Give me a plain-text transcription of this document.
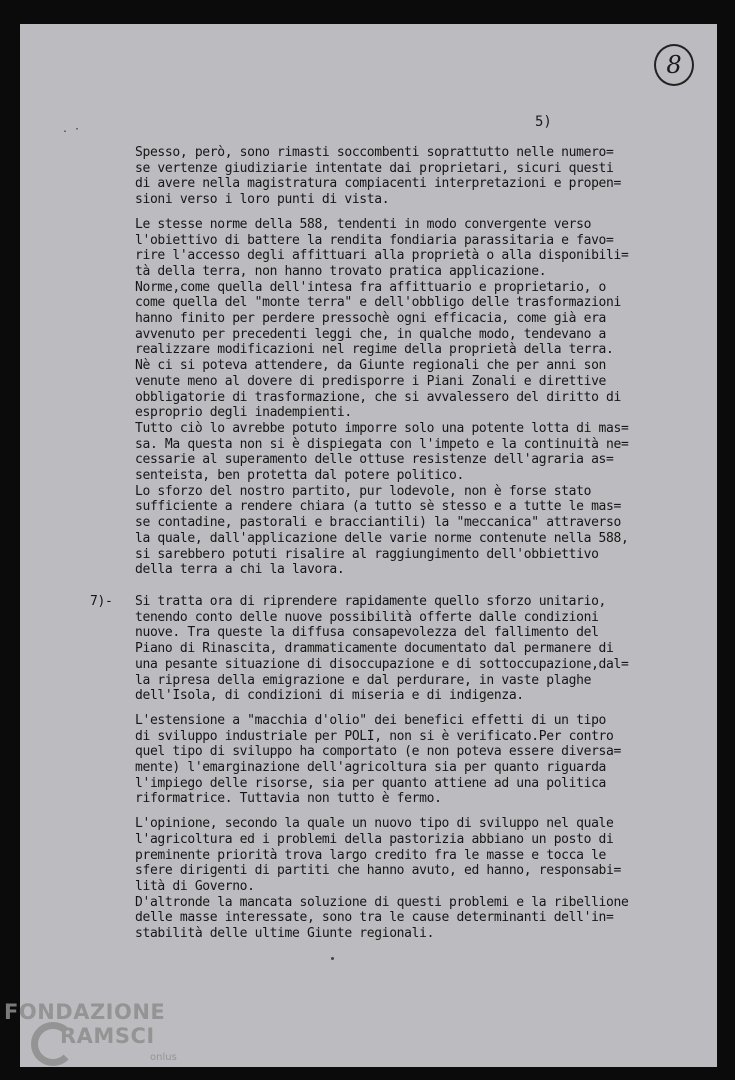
8
5)
. ·

Spesso, però, sono rimasti soccombenti soprattutto nelle numero=

se vertenze giudiziarie intentate dai proprietari, sicuri questi

di avere nella magistratura compiacenti interpretazioni e propen=

sioni verso i loro punti di vista.

Le stesse norme della 588, tendenti in modo convergente verso

l'obiettivo di battere la rendita fondiaria parassitaria e favo=

rire l'accesso degli affittuari alla proprietà o alla disponibili=

tà della terra, non hanno trovato pratica applicazione.

Norme,come quella dell'intesa fra affittuario e proprietario, o

come quella del "monte terra" e dell'obbligo delle trasformazioni

hanno finito per perdere pressochè ogni efficacia, come già era

avvenuto per precedenti leggi che, in qualche modo, tendevano a

realizzare modificazioni nel regime della proprietà della terra.

Nè ci si poteva attendere, da Giunte regionali che per anni son

venute meno al dovere di predisporre i Piani Zonali e direttive

obbligatorie di trasformazione, che si avvalessero del diritto di

esproprio degli inadempienti.

Tutto ciò lo avrebbe potuto imporre solo una potente lotta di mas=

sa. Ma questa non si è dispiegata con l'impeto e la continuità ne=

cessarie al superamento delle ottuse resistenze dell'agraria as=

senteista, ben protetta dal potere politico.

Lo sforzo del nostro partito, pur lodevole, non è forse stato

sufficiente a rendere chiara (a tutto sè stesso e a tutte le mas=

se contadine, pastorali e bracciantili) la "meccanica" attraverso

la quale, dall'applicazione delle varie norme contenute nella 588,

si sarebbero potuti risalire al raggiungimento dell'obbiettivo

della terra a chi la lavora.

7)- Si tratta ora di riprendere rapidamente quello sforzo unitario,

tenendo conto delle nuove possibilità offerte dalle condizioni

nuove. Tra queste la diffusa consapevolezza del fallimento del

Piano di Rinascita, drammaticamente documentato dal permanere di

una pesante situazione di disoccupazione e di sottoccupazione,dal=

la ripresa della emigrazione e dal perdurare, in vaste plaghe

dell'Isola, di condizioni di miseria e di indigenza.

L'estensione a "macchia d'olio" dei benefici effetti di un tipo

di sviluppo industriale per POLI, non si è verificato.Per contro

quel tipo di sviluppo ha comportato (e non poteva essere diversa=

mente) l'emarginazione dell'agricoltura sia per quanto riguarda

l'impiego delle risorse, sia per quanto attiene ad una politica

riformatrice. Tuttavia non tutto è fermo.

L'opinione, secondo la quale un nuovo tipo di sviluppo nel quale

l'agricoltura ed i problemi della pastorizia abbiano un posto di

preminente priorità trova largo credito fra le masse e tocca le

sfere dirigenti di partiti che hanno avuto, ed hanno, responsabi=

lità di Governo.

D'altronde la mancata soluzione di questi problemi e la ribellione

delle masse interessate, sono tra le cause determinanti dell'in=

stabilità delle ultime Giunte regionali.

FONDAZIONE
RAMSCI
onlus
